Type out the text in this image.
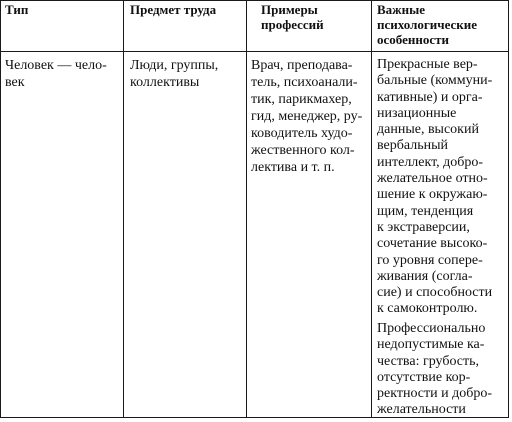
Тип	Предмет труда	Примеры
профессий
Важные
психологические
особенности
Человек — чело-
век
Люди, группы,
коллективы
Врач, преподава-
тель, психоанали-
тик, парикмахер,
гид, менеджер, ру-
ководитель худо-
жественного кол-
лектива и т. п.
Прекрасные вер-
бальные (коммуни-
кативные) и орга-
низационные
данные, высокий
вербальный
интеллект, добро-
желательное отно-
шение к окружаю-
щим, тенденция
к экстраверсии,
сочетание высоко-
го уровня сопере-
живания (согла-
сие) и способности
к самоконтролю.
Профессионально
недопустимые ка-
чества: грубость,
отсутствие кор-
ректности и добро-
желательности
